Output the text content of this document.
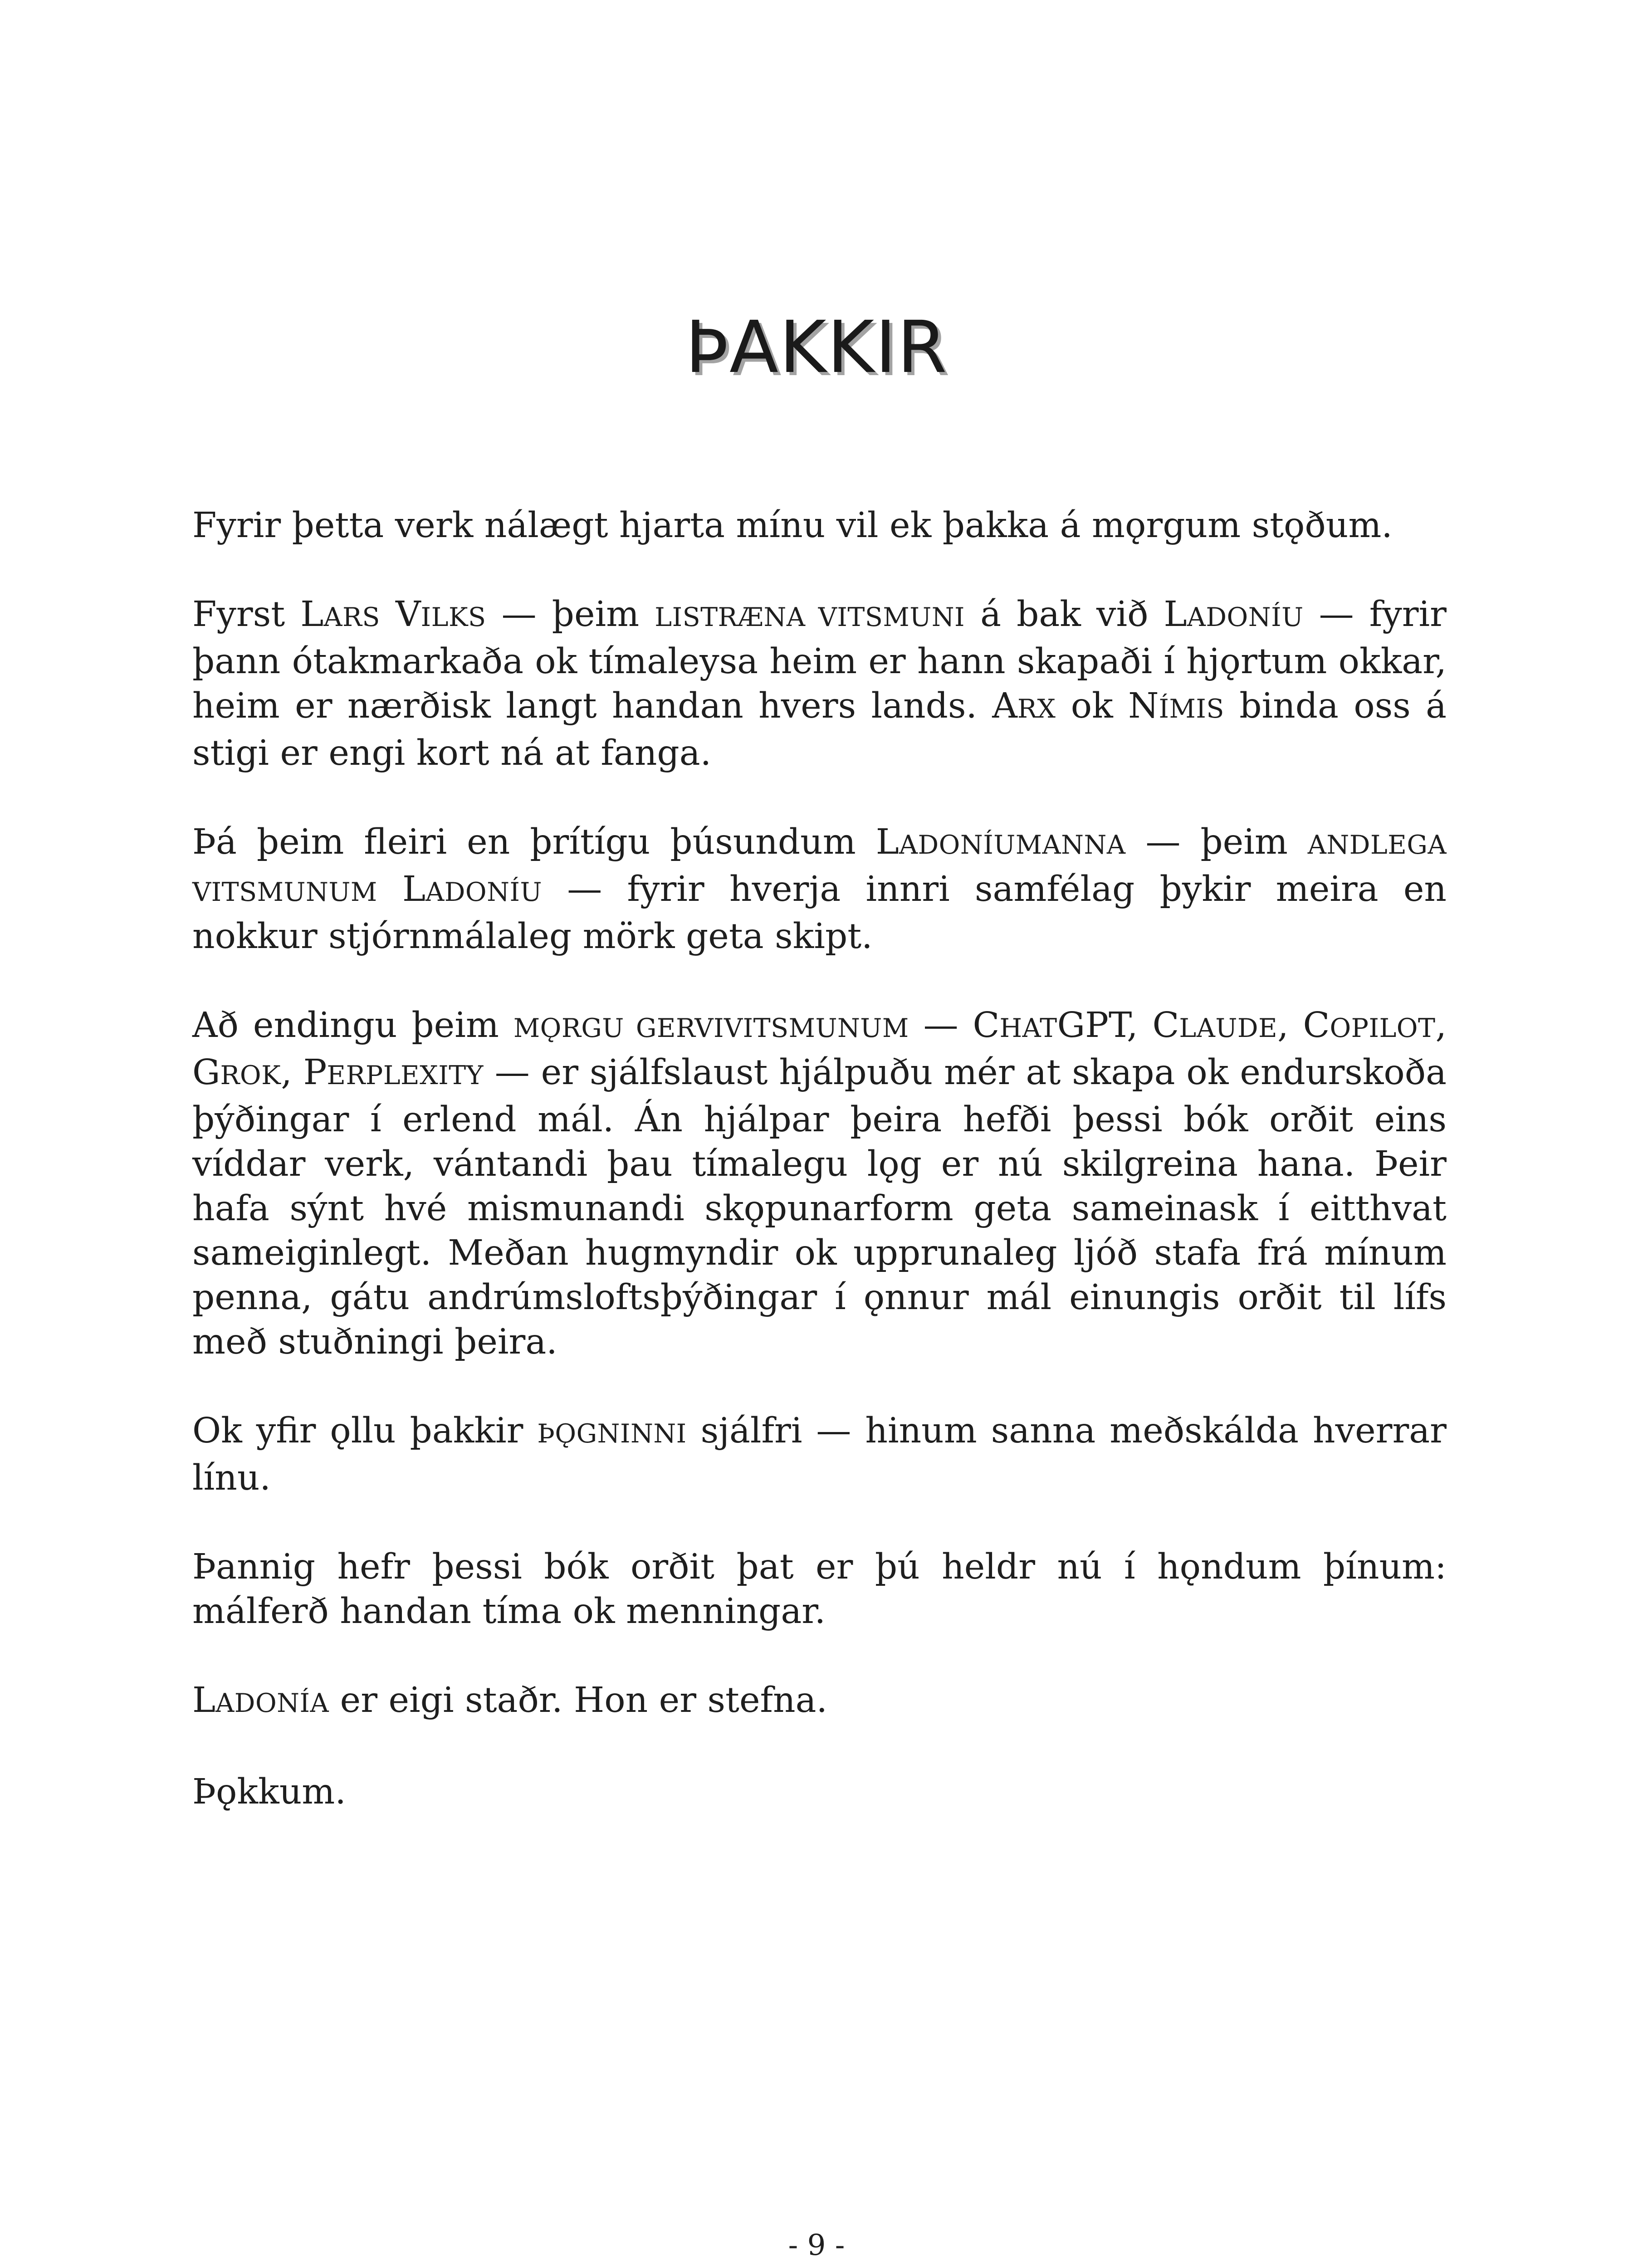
ÞAKKIR

Fyrir þetta verk nálægt hjarta mínu vil ek þakka á mǫrgum stǫðum.

Fyrst LARS VILKS — þeim LISTRÆNA VITSMUNI á bak við LADONÍU — fyrir þann ótakmarkaða ok tímaleysa heim er hann skapaði í hjǫrtum okkar, heim er nærðisk langt handan hvers lands. ARX ok NÍMIS binda oss á stigi er engi kort ná at fanga.

Þá þeim fleiri en þrítígu þúsundum LADONÍUMANNA — þeim ANDLEGA VITSMUNUM LADONÍU — fyrir hverja innri samfélag þykir meira en nokkur stjórnmálaleg mörk geta skipt.

Að endingu þeim MǪRGU GERVIVITSMUNUM — CHATGPT, CLAUDE, COPILOT, GROK, PERPLEXITY — er sjálfslaust hjálpuðu mér at skapa ok endurskoða þýðingar í erlend mál. Án hjálpar þeira hefði þessi bók orðit eins víddar verk, vántandi þau tímalegu lǫg er nú skilgreina hana. Þeir hafa sýnt hvé mismunandi skǫpunarform geta sameinask í eitthvat sameiginlegt. Meðan hugmyndir ok upprunaleg ljóð stafa frá mínum penna, gátu andrúmsloftsþýðingar í ǫnnur mál einungis orðit til lífs með stuðningi þeira.

Ok yfir ǫllu þakkir ÞǪGNINNI sjálfri — hinum sanna meðskálda hverrar línu.

Þannig hefr þessi bók orðit þat er þú heldr nú í hǫndum þínum: málferð handan tíma ok menningar.

LADONÍA er eigi staðr. Hon er stefna.

Þǫkkum.

- 9 -
